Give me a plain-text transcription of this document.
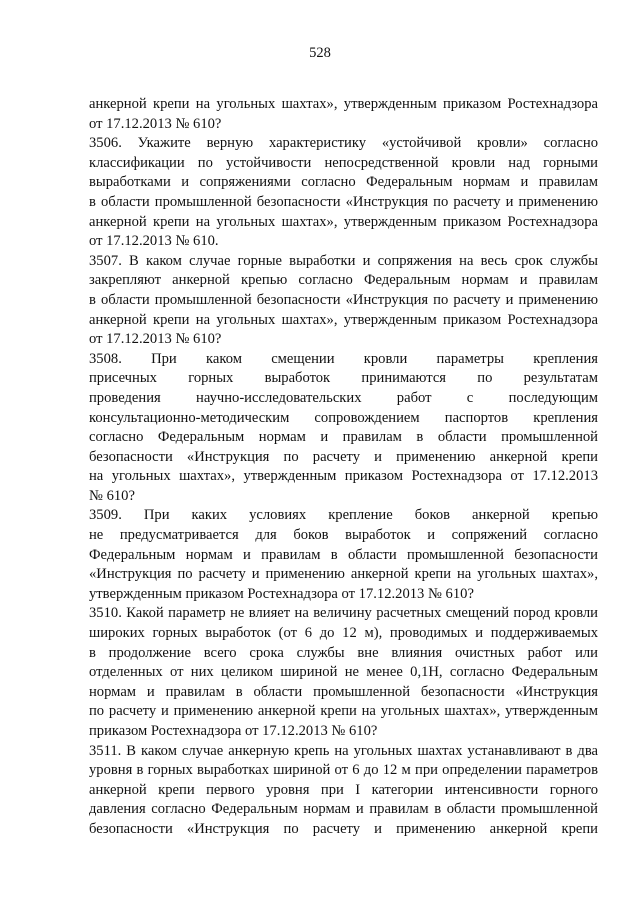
528
анкерной крепи на угольных шахтах», утвержденным приказом Ростехнадзора
от 17.12.2013 № 610?
3506. Укажите верную характеристику «устойчивой кровли» согласно
классификации по устойчивости непосредственной кровли над горными
выработками и сопряжениями согласно Федеральным нормам и правилам
в области промышленной безопасности «Инструкция по расчету и применению
анкерной крепи на угольных шахтах», утвержденным приказом Ростехнадзора
от 17.12.2013 № 610.
3507. В каком случае горные выработки и сопряжения на весь срок службы
закрепляют анкерной крепью согласно Федеральным нормам и правилам
в области промышленной безопасности «Инструкция по расчету и применению
анкерной крепи на угольных шахтах», утвержденным приказом Ростехнадзора
от 17.12.2013 № 610?
3508. При каком смещении кровли параметры крепления
присечных горных выработок принимаются по результатам
проведения научно-исследовательских работ с последующим
консультационно-методическим сопровождением паспортов крепления
согласно Федеральным нормам и правилам в области промышленной
безопасности «Инструкция по расчету и применению анкерной крепи
на угольных шахтах», утвержденным приказом Ростехнадзора от 17.12.2013
№ 610?
3509. При каких условиях крепление боков анкерной крепью
не предусматривается для боков выработок и сопряжений согласно
Федеральным нормам и правилам в области промышленной безопасности
«Инструкция по расчету и применению анкерной крепи на угольных шахтах»,
утвержденным приказом Ростехнадзора от 17.12.2013 № 610?
3510. Какой параметр не влияет на величину расчетных смещений пород кровли
широких горных выработок (от 6 до 12 м), проводимых и поддерживаемых
в продолжение всего срока службы вне влияния очистных работ или
отделенных от них целиком шириной не менее 0,1Н, согласно Федеральным
нормам и правилам в области промышленной безопасности «Инструкция
по расчету и применению анкерной крепи на угольных шахтах», утвержденным
приказом Ростехнадзора от 17.12.2013 № 610?
3511. В каком случае анкерную крепь на угольных шахтах устанавливают в два
уровня в горных выработках шириной от 6 до 12 м при определении параметров
анкерной крепи первого уровня при I категории интенсивности горного
давления согласно Федеральным нормам и правилам в области промышленной
безопасности «Инструкция по расчету и применению анкерной крепи
